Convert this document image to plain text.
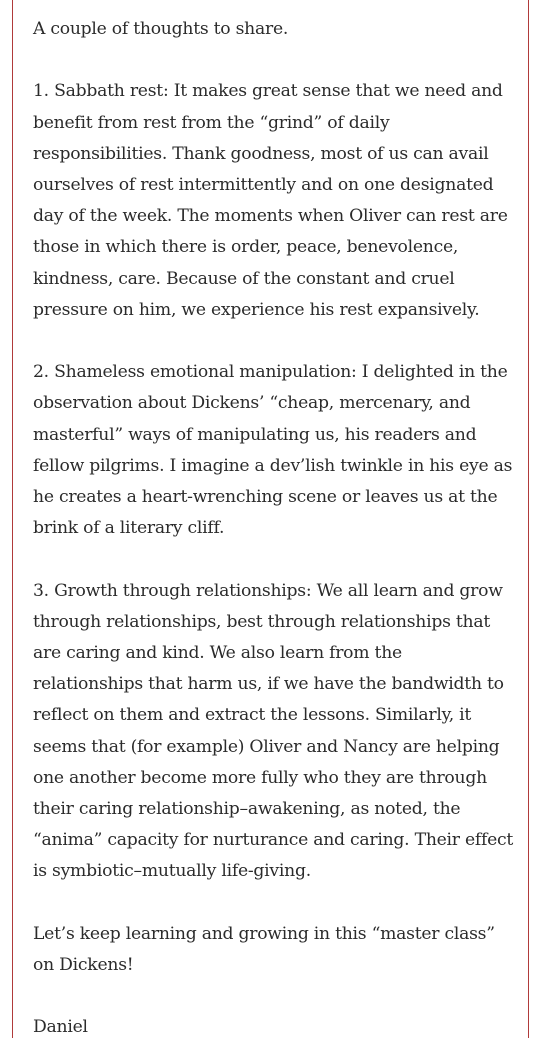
A couple of thoughts to share.

1. Sabbath rest: It makes great sense that we need and benefit from rest from the “grind” of daily responsibilities. Thank goodness, most of us can avail ourselves of rest intermittently and on one designated day of the week. The moments when Oliver can rest are those in which there is order, peace, benevolence, kindness, care. Because of the constant and cruel pressure on him, we experience his rest expansively.

2. Shameless emotional manipulation: I delighted in the observation about Dickens’ “cheap, mercenary, and masterful” ways of manipulating us, his readers and fellow pilgrims. I imagine a dev’lish twinkle in his eye as he creates a heart-wrenching scene or leaves us at the brink of a literary cliff.

3. Growth through relationships: We all learn and grow through relationships, best through relationships that are caring and kind. We also learn from the relationships that harm us, if we have the bandwidth to reflect on them and extract the lessons. Similarly, it seems that (for example) Oliver and Nancy are helping one another become more fully who they are through their caring relationship–awakening, as noted, the “anima” capacity for nurturance and caring. Their effect is symbiotic–mutually life-giving.

Let’s keep learning and growing in this “master class” on Dickens!

Daniel
